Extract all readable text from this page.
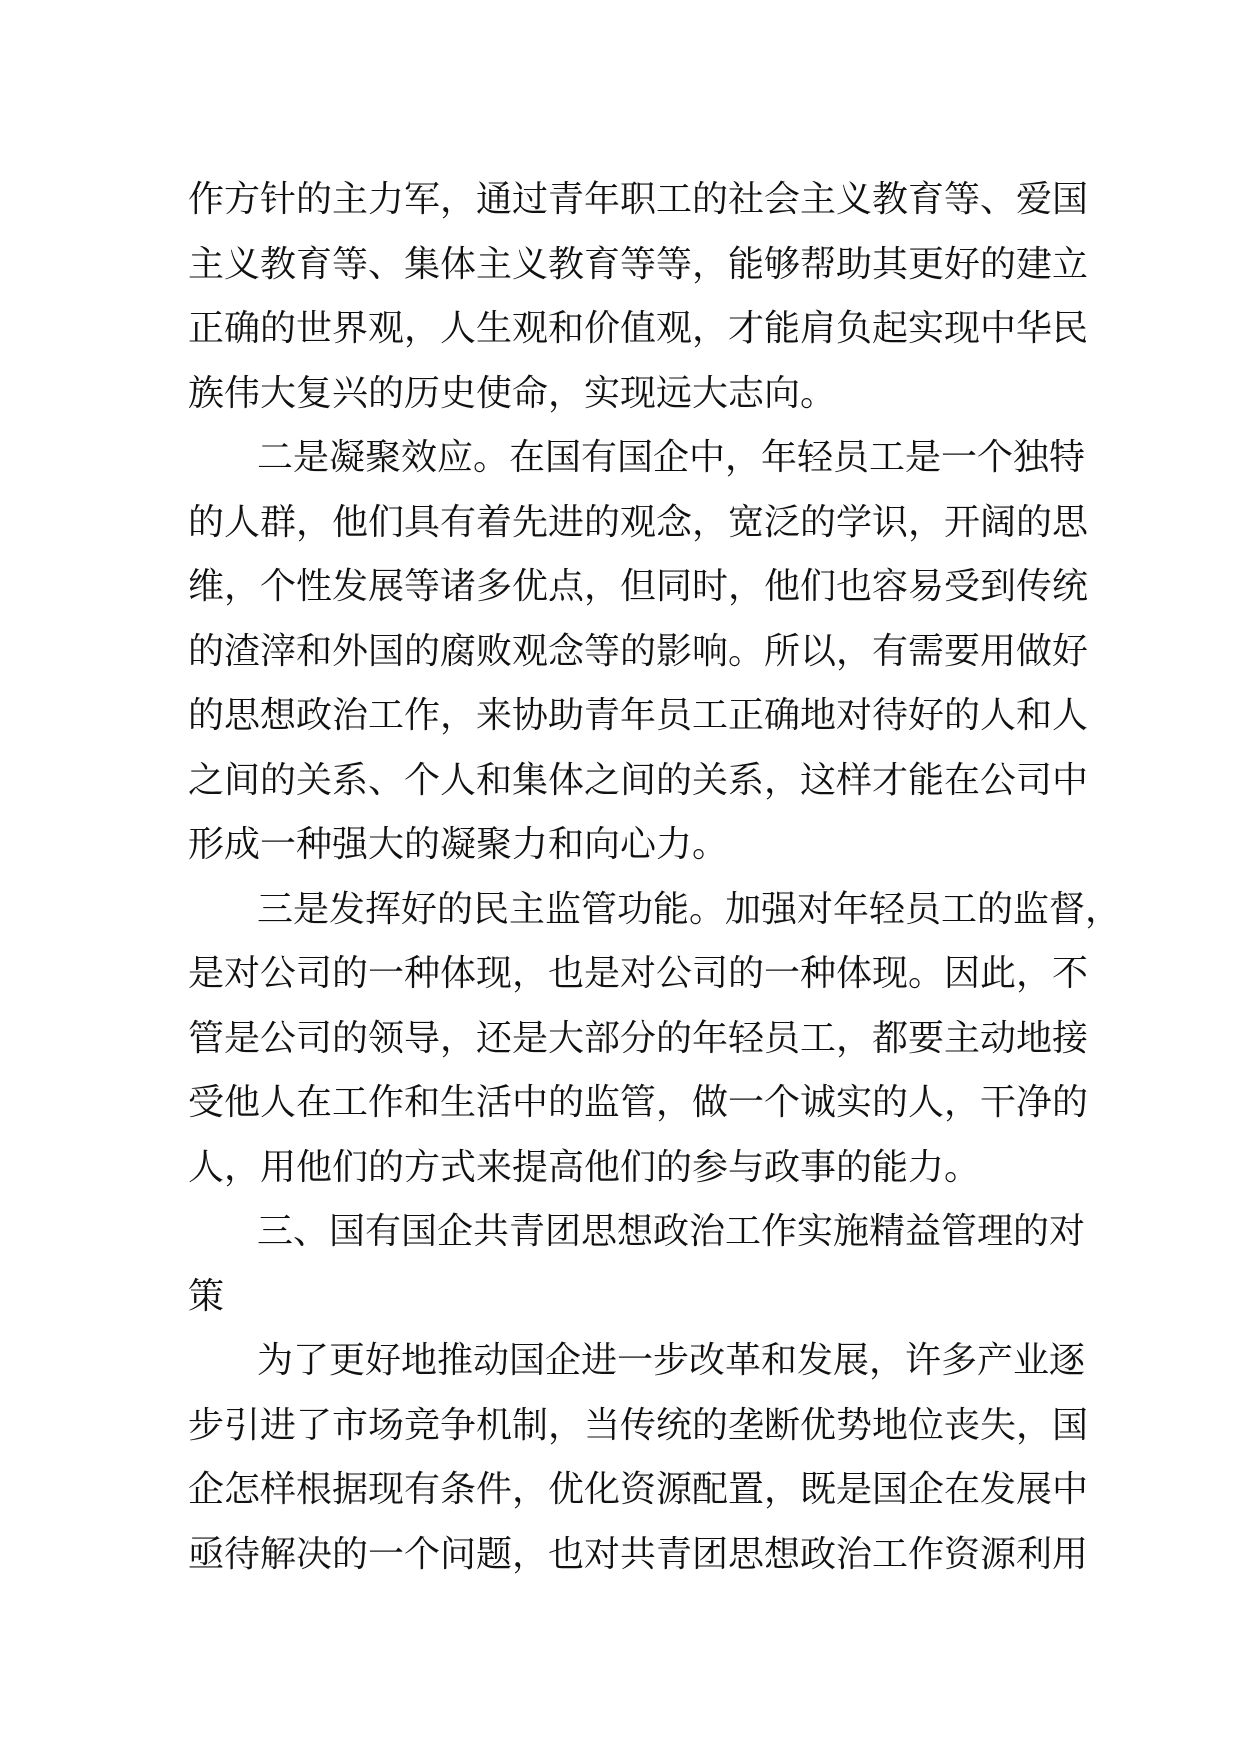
作方针的主力军，通过青年职工的社会主义教育等、爱国
主义教育等、集体主义教育等等，能够帮助其更好的建立
正确的世界观，人生观和价值观，才能肩负起实现中华民
族伟大复兴的历史使命，实现远大志向。
二是凝聚效应。在国有国企中，年轻员工是一个独特
的人群，他们具有着先进的观念，宽泛的学识，开阔的思
维，个性发展等诸多优点，但同时，他们也容易受到传统
的渣滓和外国的腐败观念等的影响。所以，有需要用做好
的思想政治工作，来协助青年员工正确地对待好的人和人
之间的关系、个人和集体之间的关系，这样才能在公司中
形成一种强大的凝聚力和向心力。
三是发挥好的民主监管功能。加强对年轻员工的监督，
是对公司的一种体现，也是对公司的一种体现。因此，不
管是公司的领导，还是大部分的年轻员工，都要主动地接
受他人在工作和生活中的监管，做一个诚实的人，干净的
人，用他们的方式来提高他们的参与政事的能力。
三、国有国企共青团思想政治工作实施精益管理的对
策
为了更好地推动国企进一步改革和发展，许多产业逐
步引进了市场竞争机制，当传统的垄断优势地位丧失，国
企怎样根据现有条件，优化资源配置，既是国企在发展中
亟待解决的一个问题，也对共青团思想政治工作资源利用
